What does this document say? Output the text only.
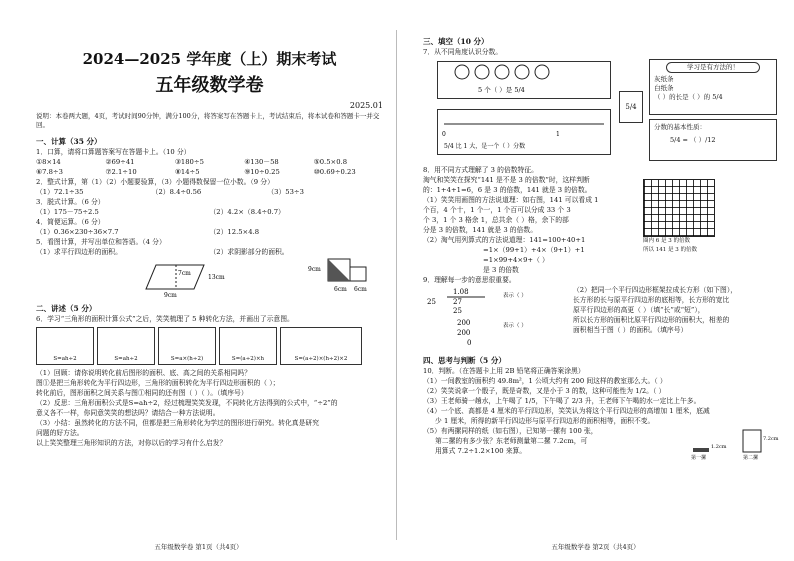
2024—2025 学年度（上）期末考试

五年级数学卷

2025.01
说明：本卷两大题，4页，考试时间90分钟，满分100分，将答案写在答题卡上，考试结束后，将本试卷和答题卡一并交回。
一、计算（35 分）
1．口算，请将口算题答案写在答题卡上。（10 分）
①8×14	②69÷41	③180÷5	④130－58	⑤0.5×0.8
⑥7.8÷3	⑦2.1÷10	⑧14÷5	⑨10÷0.25	⑩0.69÷0.23
2．整式计算，第（1）（2）小题要验算，（3）小题得数保留一位小数。（9 分）
（1）72.1÷35	（2）8.4÷0.56	（3）53÷3
3．脱式计算。（6 分）
（1）175－75÷2.5	（2）4.2×（8.4÷0.7）
4．简便运算。（6 分）
（1）0.36×230÷36×7.7	（2）12.5×4.8
5．看图计算，并写出单位和答语。（4 分）
（1）求平行四边形的面积。	（2）求阴影部分的面积。
7cm
13cm
9cm
9cm
6cm 6cm
二、讲述（5 分）
6．学习“三角形的面积计算公式”之后，笑笑梳理了 5 种转化方法，并画出了示意图。
S=ah÷2	S=ah÷2	S=a×(h÷2)	S=(a÷2)×h	S=(a÷2)×(h÷2)×2
（1）回顾：请你说明转化前后图形的面积、底、高之间的关系相同吗？
图①是把三角形转化为平行四边形，三角形的面积转化为平行四边形面积的（ ）；
转化前后，图形面积之间关系与图①相同的还有图（ ）（ ）。（填序号）
（2）反思：三角形面积公式是S=ah÷2，经过梳理笑笑发现，不同转化方法得到的公式中，“÷2”的
意义各不一样，你同意笑笑的想法吗？请结合一种方法说明。
（3）小结：虽然转化的方法不同，但都是把三角形转化为学过的图形进行研究。转化真是研究
问题的好方法。
以上笑笑整理三角形知识的方法，对你以后的学习有什么启发？
五年级数学卷 第1页（共4页）
三、填空（10 分）
7．从不同角度认识分数。
5 个（ ）是 5/4
0	1
5/4 比 1 大，是一个（ ）分数
5/4
学习是有方法的！
灰纸条
白纸条
（ ）的长是（ ）的 5/4
分数的基本性质：
5/4 = （ ）/12
8．用不同方式理解了 3 的倍数特征。
淘气和笑笑在探究“141 是不是 3 的倍数”时，这样判断
的：1+4+1=6，6 是 3 的倍数，141 就是 3 的倍数。
（1）笑笑用画图的方法说道理：如右图，141 可以看成 1
个百，4 个十，1 个一，1 个百可以分成 33 个 3
个 3，1 个 3 格余 1，总共余（ ）格，余下的部
分是 3 的倍数，141 就是 3 的倍数。
（2）淘气用列算式的方法说道理：141=100+40+1
=1×（99+1）+4×（9+1）+1
=1×99+4×9+（ ）
是 3 的倍数
圈内 6 是 3 的倍数
所以 141 是 3 的倍数
9．理解每一步的意思很重要。
1.08
25 27
25
200
200
0
表示（ ）
表示（ ）
（2）把同一个平行四边形框架拉成长方形（如下图），
长方形的长与原平行四边形的底相等，长方形的宽比
原平行四边形的高更（ ）（填“长”或“短”），
所以长方形的面积比原平行四边形的面积大，相差的
面积相当于图（ ）的面积。（填序号）
四、思考与判断（5 分）
10．判断。（在答题卡上用 2B 铅笔将正确答案涂黑）
（1）一间教室的面积约 49.8m²，1 公顷大约有 200 间这样的教室那么大。（ ）
（2）笑笑说拿一个骰子，既是奇数，又是小于 3 的数，这种可能性为 1/2。（ ）
（3）王老师骑一趟水，上午喝了 1/5，下午喝了 2/3 升，王老师下午喝的水一定比上午多。
（4）一个底、高都是 4 厘米的平行四边形，笑笑认为将这个平行四边形的高增加 1 厘米，底减
少 1 厘米，所得的新平行四边形与原平行四边形的面积相等，面积不变。
（5）有两摞同样的纸（如右图），已知第一摞有 100 张，
第二摞的有多少张？东老师测量第二摞 7.2cm，可
用算式 7.2÷1.2×100 来算。	1.2cm
7.2cm
第一摞	第二摞
五年级数学卷 第2页（共4页）
